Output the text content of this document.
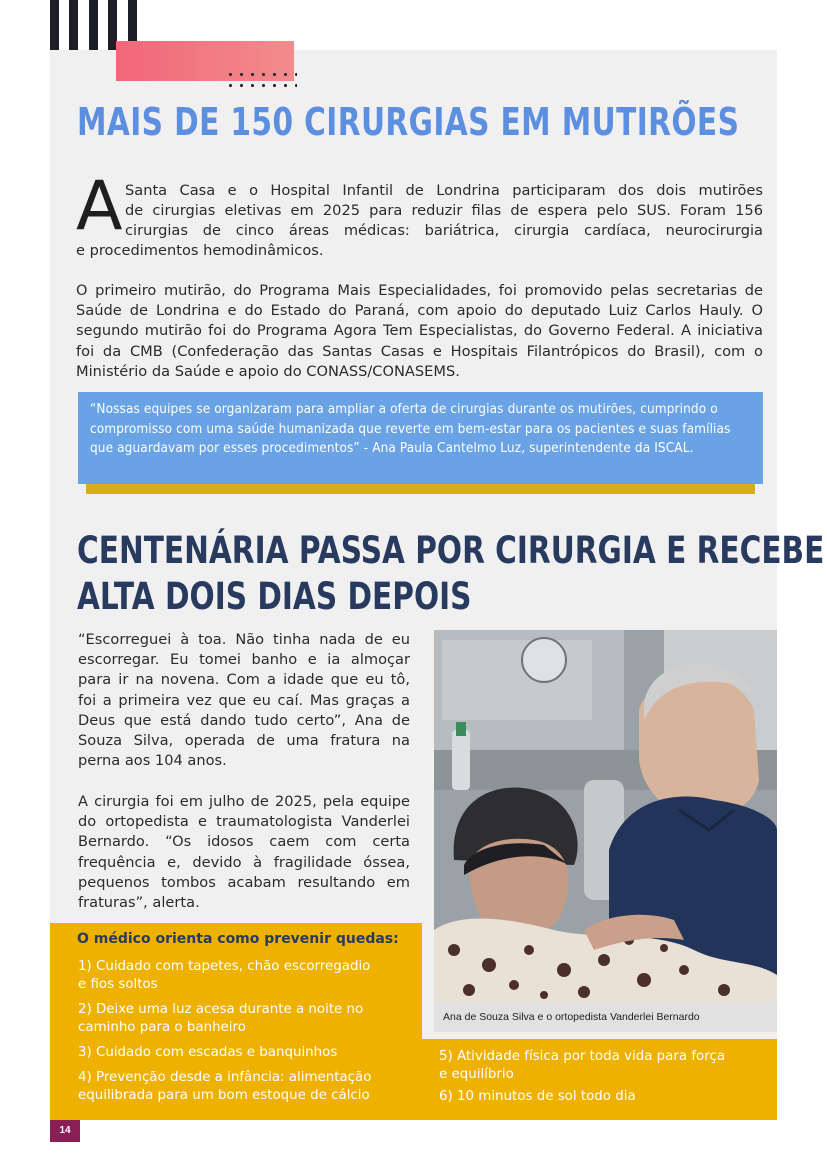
MAIS DE 150 CIRURGIAS EM MUTIRÕES
A Santa Casa e o Hospital Infantil de Londrina participaram dos dois mutirões

de cirurgias eletivas em 2025 para reduzir filas de espera pelo SUS. Foram 156

cirurgias de cinco áreas médicas: bariátrica, cirurgia cardíaca, neurocirurgia

e procedimentos hemodinâmicos.

O primeiro mutirão, do Programa Mais Especialidades, foi promovido pelas secretarias de Saúde de Londrina e do Estado do Paraná, com apoio do deputado Luiz Carlos Hauly. O segundo mutirão foi do Programa Agora Tem Especialistas, do Governo Federal. A iniciativa foi da CMB (Confederação das Santas Casas e Hospitais Filantrópicos do Brasil), com o Ministério da Saúde e apoio do CONASS/CONASEMS.

“Nossas equipes se organizaram para ampliar a oferta de cirurgias durante os mutirões, cumprindo o compromisso com uma saúde humanizada que reverte em bem-estar para os pacientes e suas famílias que aguardavam por esses procedimentos” - Ana Paula Cantelmo Luz, superintendente da ISCAL.

CENTENÁRIA PASSA POR CIRURGIA E RECEBE
ALTA DOIS DIAS DEPOIS

“Escorreguei à toa. Não tinha nada de eu escorregar. Eu tomei banho e ia almoçar para ir na novena. Com a idade que eu tô, foi a primeira vez que eu caí. Mas graças a Deus que está dando tudo certo”, Ana de Souza Silva, operada de uma fratura na perna aos 104 anos.

A cirurgia foi em julho de 2025, pela equipe do ortopedista e traumatologista Vanderlei Bernardo. “Os idosos caem com certa frequência e, devido à fragilidade óssea, pequenos tombos acabam resultando em fraturas”, alerta.

Ana de Souza Silva e o ortopedista Vanderlei Bernardo

O médico orienta como prevenir quedas:

1) Cuidado com tapetes, chão escorregadio

e fios soltos

2) Deixe uma luz acesa durante a noite no

caminho para o banheiro

3) Cuidado com escadas e banquinhos

4) Prevenção desde a infância: alimentação

equilibrada para um bom estoque de cálcio

5) Atividade física por toda vida para força

e equilíbrio

6) 10 minutos de sol todo dia

14
